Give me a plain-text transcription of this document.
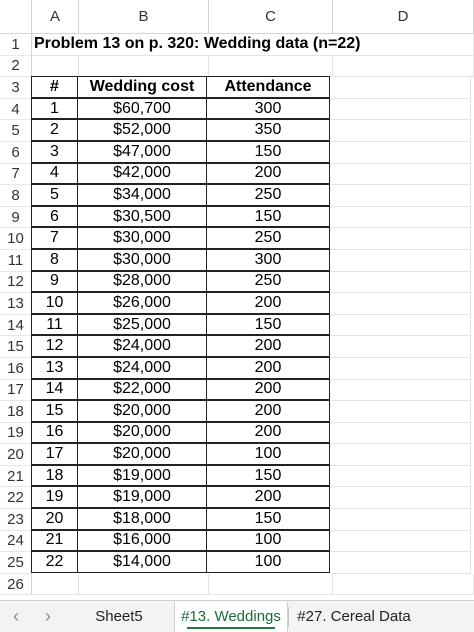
A	B	C	D
1
2
3
4
5
6
7
8
9
10
11
12
13
14
15
16
17
18
19
20
21
22
23
24
25
26
Problem 13 on p. 320: Wedding data (n=22)
#	Wedding cost	Attendance
1	$60,700	300
2	$52,000	350
3	$47,000	150
4	$42,000	200
5	$34,000	250
6	$30,500	150
7	$30,000	250
8	$30,000	300
9	$28,000	250
10	$26,000	200
11	$25,000	150
12	$24,000	200
13	$24,000	200
14	$22,000	200
15	$20,000	200
16	$20,000	200
17	$20,000	100
18	$19,000	150
19	$19,000	200
20	$18,000	150
21	$16,000	100
22	$14,000	100
‹	›	Sheet5	#13. Weddings	#27. Cereal Data
